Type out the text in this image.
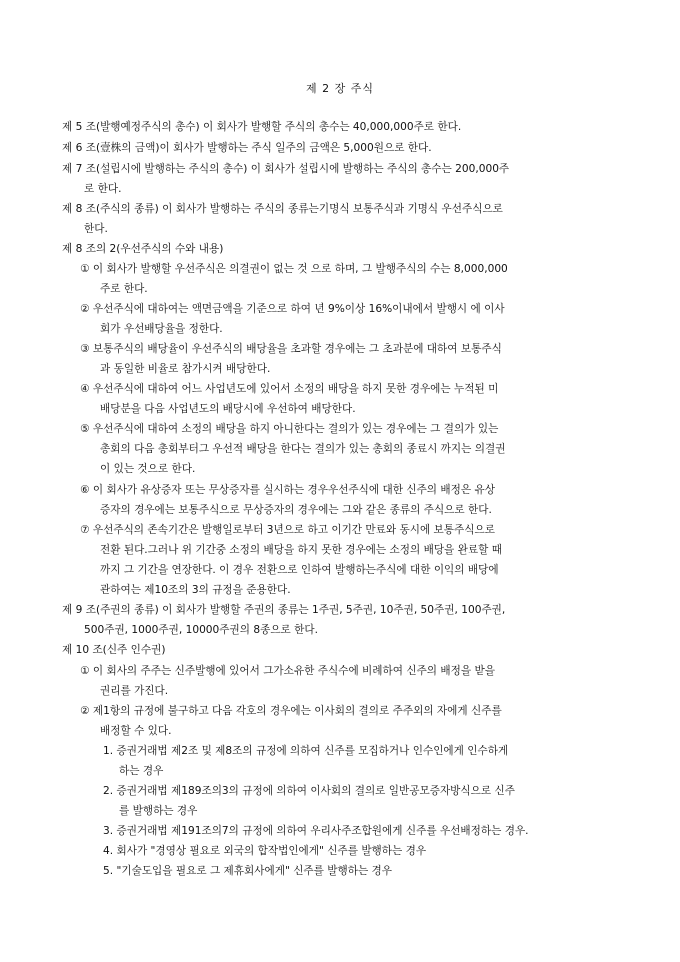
제 2 장 주식
제 5 조(발행예정주식의 총수) 이 회사가 발행할 주식의 총수는 40,000,000주로 한다.
제 6 조(壹株의 금액)이 회사가 발행하는 주식 일주의 금액은 5,000원으로 한다.
제 7 조(설립시에 발행하는 주식의 총수) 이 회사가 설립시에 발행하는 주식의 총수는 200,000주
로 한다.
제 8 조(주식의 종류) 이 회사가 발행하는 주식의 종류는기명식 보통주식과 기명식 우선주식으로
한다.
제 8 조의 2(우선주식의 수와 내용)
① 이 회사가 발행할 우선주식은 의결권이 없는 것 으로 하며, 그 발행주식의 수는 8,000,000
주로 한다.
② 우선주식에 대하여는 액면금액을 기준으로 하여 년 9%이상 16%이내에서 발행시 에 이사
회가 우선배당율을 정한다.
③ 보통주식의 배당율이 우선주식의 배당율을 초과할 경우에는 그 초과분에 대하여 보통주식
과 동일한 비율로 참가시켜 배당한다.
④ 우선주식에 대하여 어느 사업년도에 있어서 소정의 배당을 하지 못한 경우에는 누적된 미
배당분을 다음 사업년도의 배당시에 우선하여 배당한다.
⑤ 우선주식에 대하여 소정의 배당을 하지 아니한다는 결의가 있는 경우에는 그 결의가 있는
총회의 다음 총회부터그 우선적 배당을 한다는 결의가 있는 총회의 종료시 까지는 의결권
이 있는 것으로 한다.
⑥ 이 회사가 유상증자 또는 무상증자를 실시하는 경우우선주식에 대한 신주의 배정은 유상
증자의 경우에는 보통주식으로 무상증자의 경우에는 그와 같은 종류의 주식으로 한다.
⑦ 우선주식의 존속기간은 발행일로부터 3년으로 하고 이기간 만료와 동시에 보통주식으로
전환 된다.그러나 위 기간중 소정의 배당을 하지 못한 경우에는 소정의 배당을 완료할 때
까지 그 기간을 연장한다. 이 경우 전환으로 인하여 발행하는주식에 대한 이익의 배당에
관하여는 제10조의 3의 규정을 준용한다.
제 9 조(주권의 종류) 이 회사가 발행할 주권의 종류는 1주권, 5주권, 10주권, 50주권, 100주권,
500주권, 1000주권, 10000주권의 8종으로 한다.
제 10 조(신주 인수권)
① 이 회사의 주주는 신주발행에 있어서 그가소유한 주식수에 비례하여 신주의 배정을 받을
권리를 가진다.
② 제1항의 규정에 불구하고 다음 각호의 경우에는 이사회의 결의로 주주외의 자에게 신주를
배정할 수 있다.
1. 증권거래법 제2조 및 제8조의 규정에 의하여 신주를 모집하거나 인수인에게 인수하게
하는 경우
2. 증권거래법 제189조의3의 규정에 의하여 이사회의 결의로 일반공모증자방식으로 신주
를 발행하는 경우
3. 증권거래법 제191조의7의 규정에 의하여 우리사주조합원에게 신주를 우선배정하는 경우.
4. 회사가 "경영상 필요로 외국의 합작법인에게" 신주를 발행하는 경우
5. "기술도입을 필요로 그 제휴회사에게" 신주를 발행하는 경우
